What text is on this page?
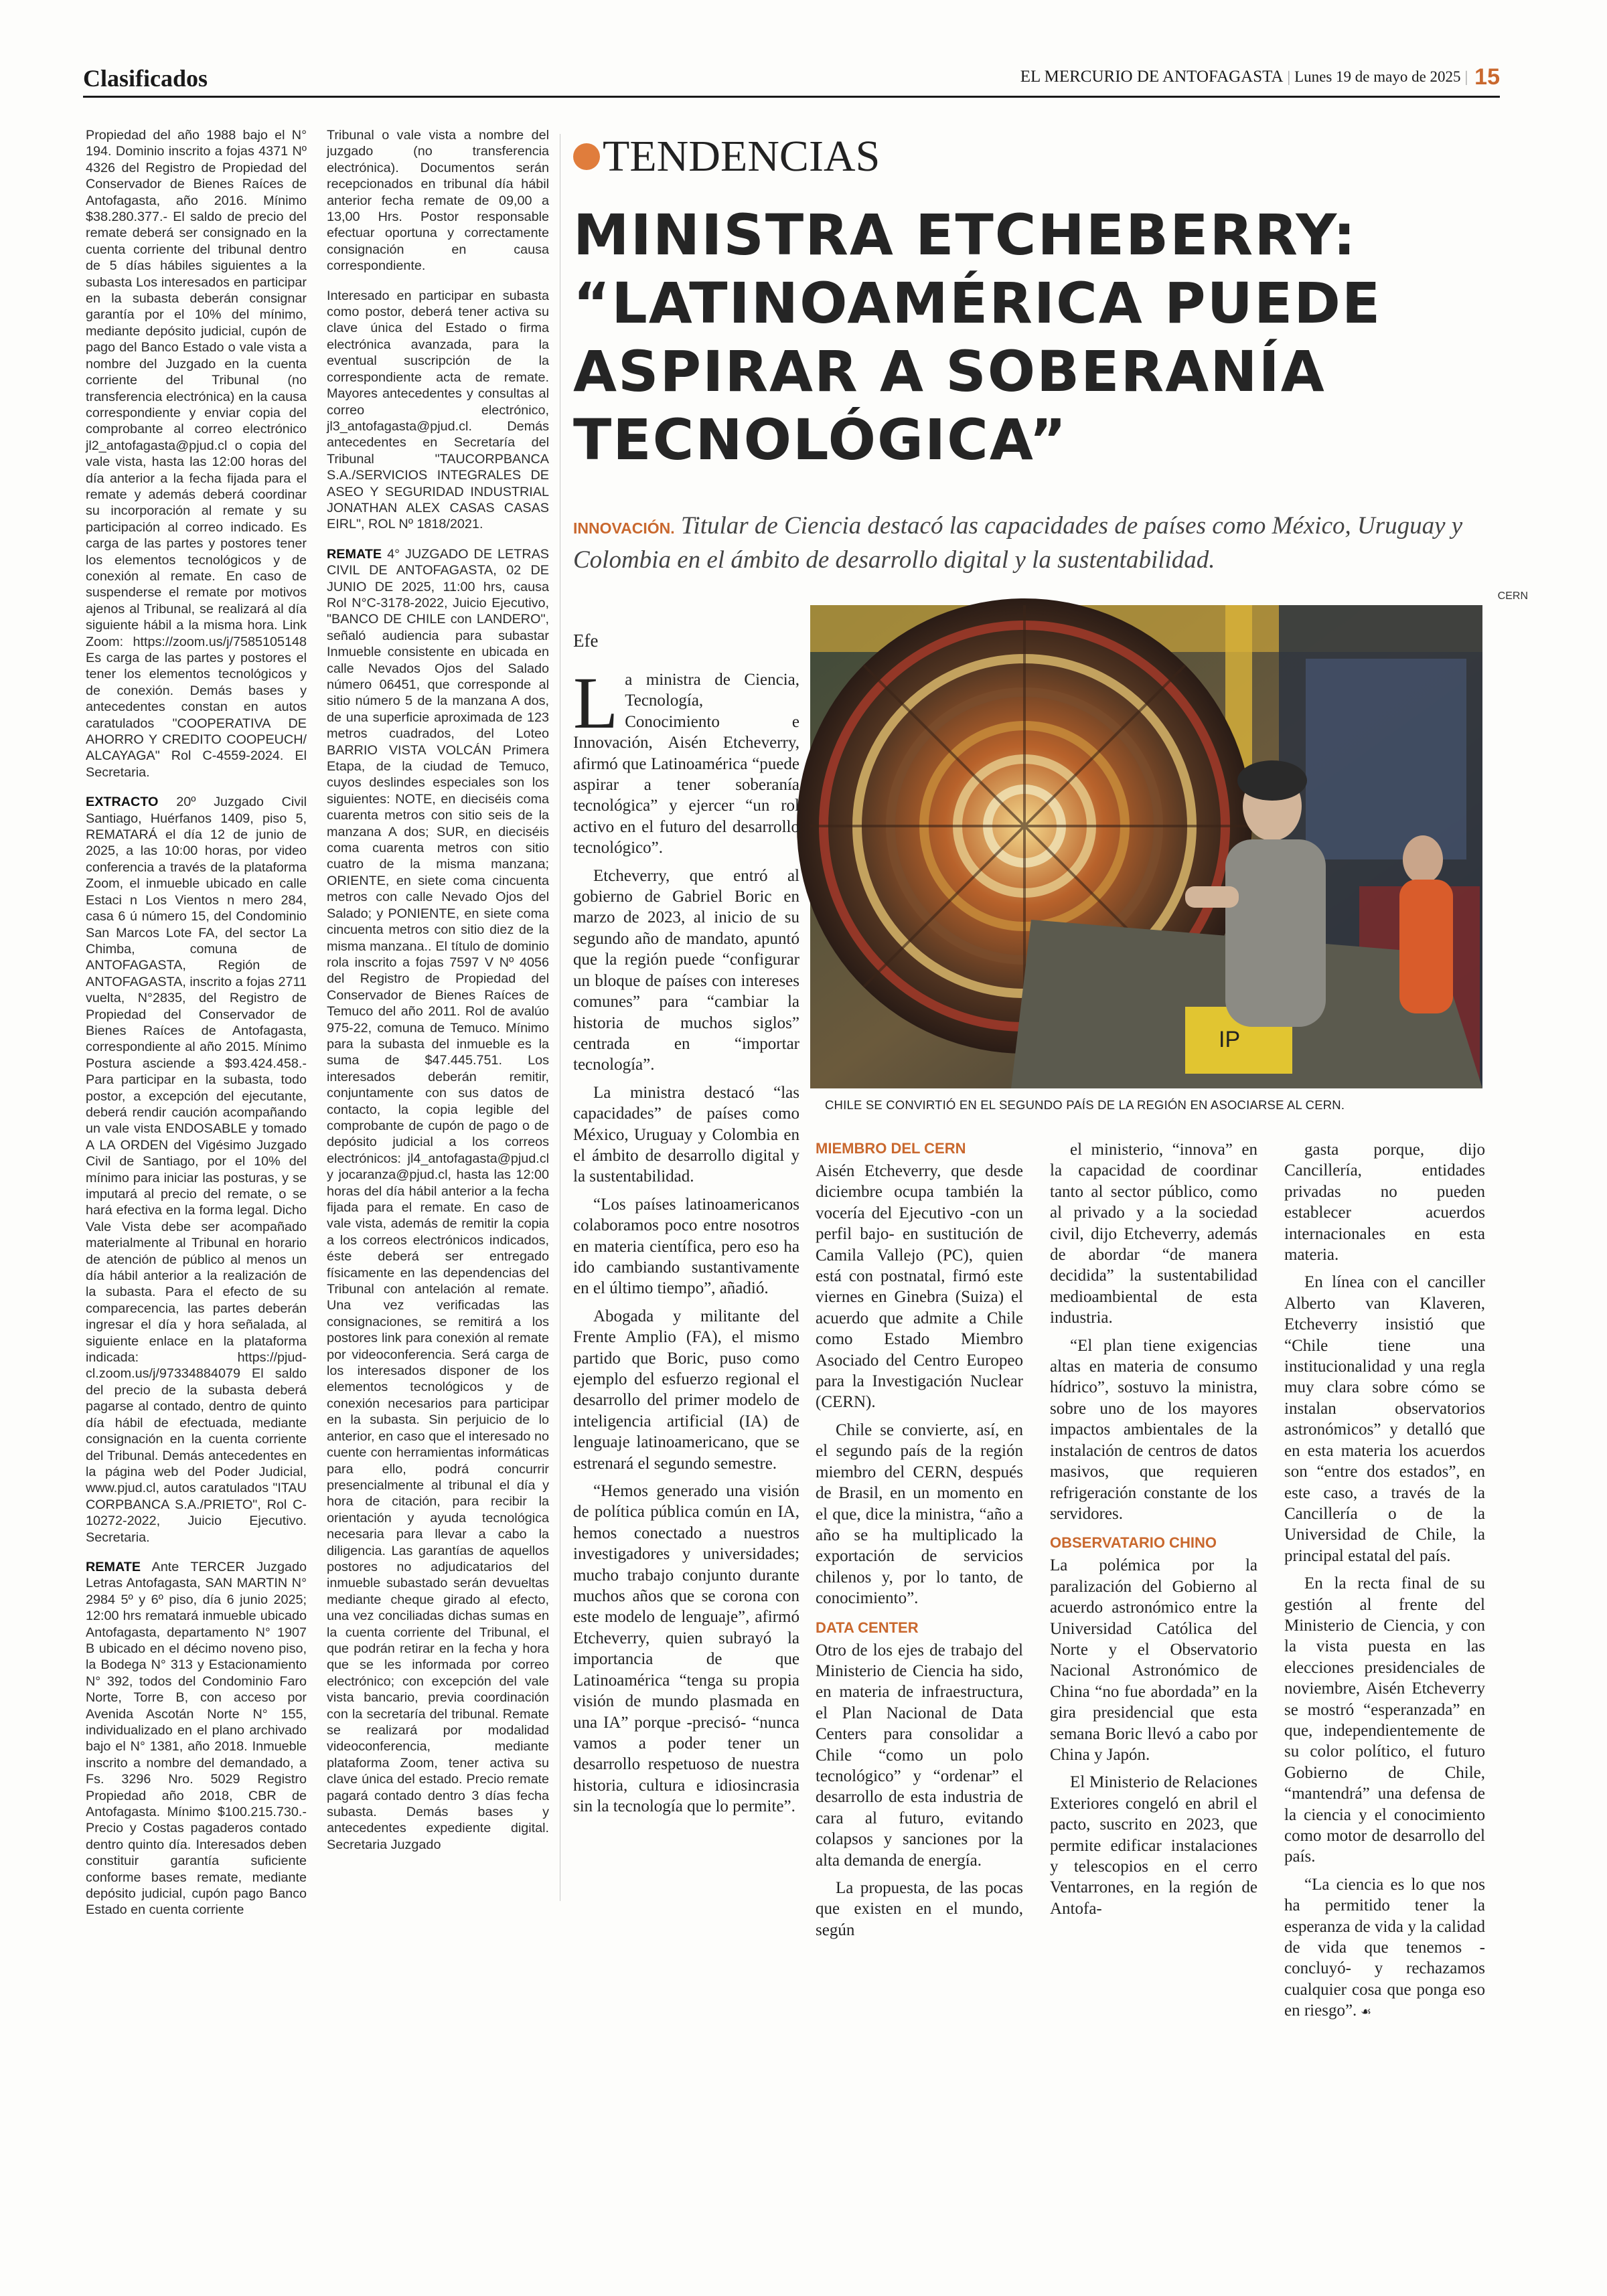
Clasificados	EL MERCURIO DE ANTOFAGASTA | Lunes 19 de mayo de 2025 | 15

Propiedad del año 1988 bajo el N° 194. Dominio inscrito a fojas 4371 Nº 4326 del Registro de Propiedad del Conservador de Bienes Raíces de Antofagasta, año 2016. Mínimo $38.280.377.- El saldo de precio del remate deberá ser consignado en la cuenta corriente del tribunal dentro de 5 días hábiles siguientes a la subasta Los interesados en participar en la subasta deberán consignar garantía por el 10% del mínimo, mediante depósito judicial, cupón de pago del Banco Estado o vale vista a nombre del Juzgado en la cuenta corriente del Tribunal (no transferencia electrónica) en la causa correspondiente y enviar copia del comprobante al correo electrónico jl2_antofagasta@pjud.cl o copia del vale vista, hasta las 12:00 horas del día anterior a la fecha fijada para el remate y además deberá coordinar su incorporación al remate y su participación al correo indicado. Es carga de las partes y postores tener los elementos tecnológicos y de conexión al remate. En caso de suspenderse el remate por motivos ajenos al Tribunal, se realizará al día siguiente hábil a la misma hora. Link Zoom: https://zoom.us/j/7585105148 Es carga de las partes y postores el tener los elementos tecnológicos y de conexión. Demás bases y antecedentes constan en autos caratulados "COOPERATIVA DE AHORRO Y CREDITO COOPEUCH/ ALCAYAGA" Rol C-4559-2024. El Secretaria.

EXTRACTO 20º Juzgado Civil Santiago, Huérfanos 1409, piso 5, REMATARÁ el día 12 de junio de 2025, a las 10:00 horas, por video conferencia a través de la plataforma Zoom, el inmueble ubicado en calle Estaci n Los Vientos n mero 284, casa 6 ú número 15, del Condominio San Marcos Lote FA, del sector La Chimba, comuna de ANTOFAGASTA, Región de ANTOFAGASTA, inscrito a fojas 2711 vuelta, N°2835, del Registro de Propiedad del Conservador de Bienes Raíces de Antofagasta, correspondiente al año 2015. Mínimo Postura asciende a $93.424.458.- Para participar en la subasta, todo postor, a excepción del ejecutante, deberá rendir caución acompañando un vale vista ENDOSABLE y tomado A LA ORDEN del Vigésimo Juzgado Civil de Santiago, por el 10% del mínimo para iniciar las posturas, y se imputará al precio del remate, o se hará efectiva en la forma legal. Dicho Vale Vista debe ser acompañado materialmente al Tribunal en horario de atención de público al menos un día hábil anterior a la realización de la subasta. Para el efecto de su comparecencia, las partes deberán ingresar el día y hora señalada, al siguiente enlace en la plataforma indicada: https://pjud-cl.zoom.us/j/97334884079 El saldo del precio de la subasta deberá pagarse al contado, dentro de quinto día hábil de efectuada, mediante consignación en la cuenta corriente del Tribunal. Demás antecedentes en la página web del Poder Judicial, www.pjud.cl, autos caratulados "ITAU CORPBANCA S.A./PRIETO", Rol C-10272-2022, Juicio Ejecutivo. Secretaria.

REMATE Ante TERCER Juzgado Letras Antofagasta, SAN MARTIN N° 2984 5º y 6º piso, día 6 junio 2025; 12:00 hrs rematará inmueble ubicado Antofagasta, departamento N° 1907 B ubicado en el décimo noveno piso, la Bodega N° 313 y Estacionamiento N° 392, todos del Condominio Faro Norte, Torre B, con acceso por Avenida Ascotán Norte N° 155, individualizado en el plano archivado bajo el N° 1381, año 2018. Inmueble inscrito a nombre del demandado, a Fs. 3296 Nro. 5029 Registro Propiedad año 2018, CBR de Antofagasta. Mínimo $100.215.730.- Precio y Costas pagaderos contado dentro quinto día. Interesados deben constituir garantía suficiente conforme bases remate, mediante depósito judicial, cupón pago Banco Estado en cuenta corriente

Tribunal o vale vista a nombre del juzgado (no transferencia electrónica). Documentos serán recepcionados en tribunal día hábil anterior fecha remate de 09,00 a 13,00 Hrs. Postor responsable efectuar oportuna y correctamente consignación en causa correspondiente.

Interesado en participar en subasta como postor, deberá tener activa su clave única del Estado o firma electrónica avanzada, para la eventual suscripción de la correspondiente acta de remate. Mayores antecedentes y consultas al correo electrónico, jl3_antofagasta@pjud.cl. Demás antecedentes en Secretaría del Tribunal "TAUCORPBANCA S.A./SERVICIOS INTEGRALES DE ASEO Y SEGURIDAD INDUSTRIAL JONATHAN ALEX CASAS CASAS EIRL", ROL Nº 1818/2021.

REMATE 4° JUZGADO DE LETRAS CIVIL DE ANTOFAGASTA, 02 DE JUNIO DE 2025, 11:00 hrs, causa Rol N°C-3178-2022, Juicio Ejecutivo, "BANCO DE CHILE con LANDERO", señaló audiencia para subastar Inmueble consistente en ubicada en calle Nevados Ojos del Salado número 06451, que corresponde al sitio número 5 de la manzana A dos, de una superficie aproximada de 123 metros cuadrados, del Loteo BARRIO VISTA VOLCÁN Primera Etapa, de la ciudad de Temuco, cuyos deslindes especiales son los siguientes: NOTE, en dieciséis coma cuarenta metros con sitio seis de la manzana A dos; SUR, en dieciséis coma cuarenta metros con sitio cuatro de la misma manzana; ORIENTE, en siete coma cincuenta metros con calle Nevado Ojos del Salado; y PONIENTE, en siete coma cincuenta metros con sitio diez de la misma manzana.. El título de dominio rola inscrito a fojas 7597 V Nº 4056 del Registro de Propiedad del Conservador de Bienes Raíces de Temuco del año 2011. Rol de avalúo 975-22, comuna de Temuco. Mínimo para la subasta del inmueble es la suma de $47.445.751. Los interesados deberán remitir, conjuntamente con sus datos de contacto, la copia legible del comprobante de cupón de pago o de depósito judicial a los correos electrónicos: jl4_antofagasta@pjud.cl y jocaranza@pjud.cl, hasta las 12:00 horas del día hábil anterior a la fecha fijada para el remate. En caso de vale vista, además de remitir la copia a los correos electrónicos indicados, éste deberá ser entregado físicamente en las dependencias del Tribunal con antelación al remate. Una vez verificadas las consignaciones, se remitirá a los postores link para conexión al remate por videoconferencia. Será carga de los interesados disponer de los elementos tecnológicos y de conexión necesarios para participar en la subasta. Sin perjuicio de lo anterior, en caso que el interesado no cuente con herramientas informáticas para ello, podrá concurrir presencialmente al tribunal el día y hora de citación, para recibir la orientación y ayuda tecnológica necesaria para llevar a cabo la diligencia. Las garantías de aquellos postores no adjudicatarios del inmueble subastado serán devueltas mediante cheque girado al efecto, una vez conciliadas dichas sumas en la cuenta corriente del Tribunal, el que podrán retirar en la fecha y hora que se les informada por correo electrónico; con excepción del vale vista bancario, previa coordinación con la secretaría del tribunal. Remate se realizará por modalidad videoconferencia, mediante plataforma Zoom, tener activa su clave única del estado. Precio remate pagará contado dentro 3 días fecha subasta. Demás bases y antecedentes expediente digital. Secretaria Juzgado

TENDENCIAS
MINISTRA ETCHEBERRY: “LATINOAMÉRICA PUEDE ASPIRAR A SOBERANÍA TECNOLÓGICA”

INNOVACIÓN. Titular de Ciencia destacó las capacidades de países como México, Uruguay y Colombia en el ámbito de desarrollo digital y la sustentabilidad.

CERN
IP
CHILE SE CONVIRTIÓ EN EL SEGUNDO PAÍS DE LA REGIÓN EN ASOCIARSE AL CERN.
Efe

La ministra de Ciencia, Tecnología, Conocimiento e Innovación, Aisén Etcheverry, afirmó que Latinoamérica “puede aspirar a tener soberanía tecnológica” y ejercer “un rol activo en el futuro del desarrollo tecnológico”.

Etcheverry, que entró al gobierno de Gabriel Boric en marzo de 2023, al inicio de su segundo año de mandato, apuntó que la región puede “configurar un bloque de países con intereses comunes” para “cambiar la historia de muchos siglos” centrada en “importar tecnología”.

La ministra destacó “las capacidades” de países como México, Uruguay y Colombia en el ámbito de desarrollo digital y la sustentabilidad.

“Los países latinoamericanos colaboramos poco entre nosotros en materia científica, pero eso ha ido cambiando sustantivamente en el último tiempo”, añadió.

Abogada y militante del Frente Amplio (FA), el mismo partido que Boric, puso como ejemplo del esfuerzo regional el desarrollo del primer modelo de inteligencia artificial (IA) de lenguaje latinoamericano, que se estrenará el segundo semestre.

“Hemos generado una visión de política pública común en IA, hemos conectado a nuestros investigadores y universidades; mucho trabajo conjunto durante muchos años que se corona con este modelo de lenguaje”, afirmó Etcheverry, quien subrayó la importancia de que Latinoamérica “tenga su propia visión de mundo plasmada en una IA” porque -precisó- “nunca vamos a poder tener un desarrollo respetuoso de nuestra historia, cultura e idiosincrasia sin la tecnología que lo permite”.

MIEMBRO DEL CERN

Aisén Etcheverry, que desde diciembre ocupa también la vocería del Ejecutivo -con un perfil bajo- en sustitución de Camila Vallejo (PC), quien está con postnatal, firmó este viernes en Ginebra (Suiza) el acuerdo que admite a Chile como Estado Miembro Asociado del Centro Europeo para la Investigación Nuclear (CERN).

Chile se convierte, así, en el segundo país de la región miembro del CERN, después de Brasil, en un momento en el que, dice la ministra, “año a año se ha multiplicado la exportación de servicios chilenos y, por lo tanto, de conocimiento”.

DATA CENTER

Otro de los ejes de trabajo del Ministerio de Ciencia ha sido, en materia de infraestructura, el Plan Nacional de Data Centers para consolidar a Chile “como un polo tecnológico” y “ordenar” el desarrollo de esta industria de cara al futuro, evitando colapsos y sanciones por la alta demanda de energía.

La propuesta, de las pocas que existen en el mundo, según

el ministerio, “innova” en la capacidad de coordinar tanto al sector público, como al privado y a la sociedad civil, dijo Etcheverry, además de abordar “de manera decidida” la sustentabilidad medioambiental de esta industria.

“El plan tiene exigencias altas en materia de consumo hídrico”, sostuvo la ministra, sobre uno de los mayores impactos ambientales de la instalación de centros de datos masivos, que requieren refrigeración constante de los servidores.

OBSERVATARIO CHINO

La polémica por la paralización del Gobierno al acuerdo astronómico entre la Universidad Católica del Norte y el Observatorio Nacional Astronómico de China “no fue abordada” en la gira presidencial que esta semana Boric llevó a cabo por China y Japón.

El Ministerio de Relaciones Exteriores congeló en abril el pacto, suscrito en 2023, que permite edificar instalaciones y telescopios en el cerro Ventarrones, en la región de Antofa-

gasta porque, dijo Cancillería, entidades privadas no pueden establecer acuerdos internacionales en esta materia.

En línea con el canciller Alberto van Klaveren, Etcheverry insistió que “Chile tiene una institucionalidad y una regla muy clara sobre cómo se instalan observatorios astronómicos” y detalló que en esta materia los acuerdos son “entre dos estados”, en este caso, a través de la Cancillería o de la Universidad de Chile, la principal estatal del país.

En la recta final de su gestión al frente del Ministerio de Ciencia, y con la vista puesta en las elecciones presidenciales de noviembre, Aisén Etcheverry se mostró “esperanzada” en que, independientemente de su color político, el futuro Gobierno de Chile, “mantendrá” una defensa de la ciencia y el conocimiento como motor de desarrollo del país.

“La ciencia es lo que nos ha permitido tener la esperanza de vida y la calidad de vida que tenemos -concluyó- y rechazamos cualquier cosa que ponga eso en riesgo”. ☙
